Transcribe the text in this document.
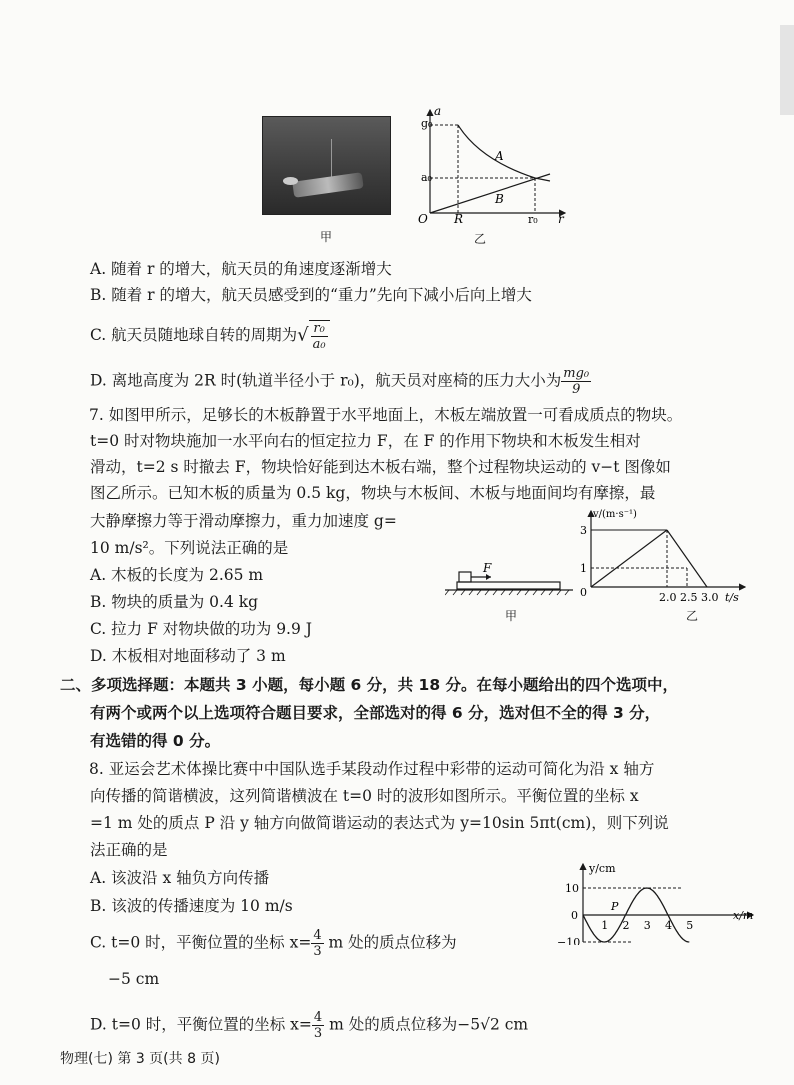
甲
g₀
a₀
a
r
O R	r₀
A
B
乙
A. 随着 r 的增大，航天员的角速度逐渐增大
B. 随着 r 的增大，航天员感受到的“重力”先向下减小后向上增大
C. 航天员随地球自转的周期为√ $\frac{\text{r₀}}{\text{a₀}}$
D. 离地高度为 2R 时(轨道半径小于 r₀)，航天员对座椅的压力大小为 $\frac{\text{mg₀}}{9}$
7. 如图甲所示，足够长的木板静置于水平地面上，木板左端放置一可看成质点的物块。
t=0 时对物块施加一水平向右的恒定拉力 F，在 F 的作用下物块和木板发生相对
滑动，t=2 s 时撤去 F，物块恰好能到达木板右端，整个过程物块运动的 v−t 图像如
图乙所示。已知木板的质量为 0.5 kg，物块与木板间、木板与地面间均有摩擦，最
大静摩擦力等于滑动摩擦力，重力加速度 g=
10 m/s²。下列说法正确的是
A. 木板的长度为 2.65 m
B. 物块的质量为 0.4 kg
C. 拉力 F 对物块做的功为 9.9 J
D. 木板相对地面移动了 3 m
F
甲
v/(m·s⁻¹)
3
1
0	2.0 2.5 3.0 t/s
乙
二、多项选择题：本题共 3 小题，每小题 6 分，共 18 分。在每小题给出的四个选项中，
有两个或两个以上选项符合题目要求，全部选对的得 6 分，选对但不全的得 3 分，
有选错的得 0 分。
8. 亚运会艺术体操比赛中中国队选手某段动作过程中彩带的运动可简化为沿 x 轴方
向传播的简谐横波，这列简谐横波在 t=0 时的波形如图所示。平衡位置的坐标 x
=1 m 处的质点 P 沿 y 轴方向做简谐运动的表达式为 y=10sin 5πt(cm)，则下列说
法正确的是
A. 该波沿 x 轴负方向传播
B. 该波的传播速度为 10 m/s
C. t=0 时，平衡位置的坐标 $x= \frac{4}{3}$ m 处的质点位移为
−5 cm
D. t=0 时，平衡位置的坐标 $x= \frac{4}{3}$ m 处的质点位移为−5√2 cm
y/cm
10
0
−10
P
x/m
1 2 3 4 5
物理(七) 第 3 页(共 8 页)
